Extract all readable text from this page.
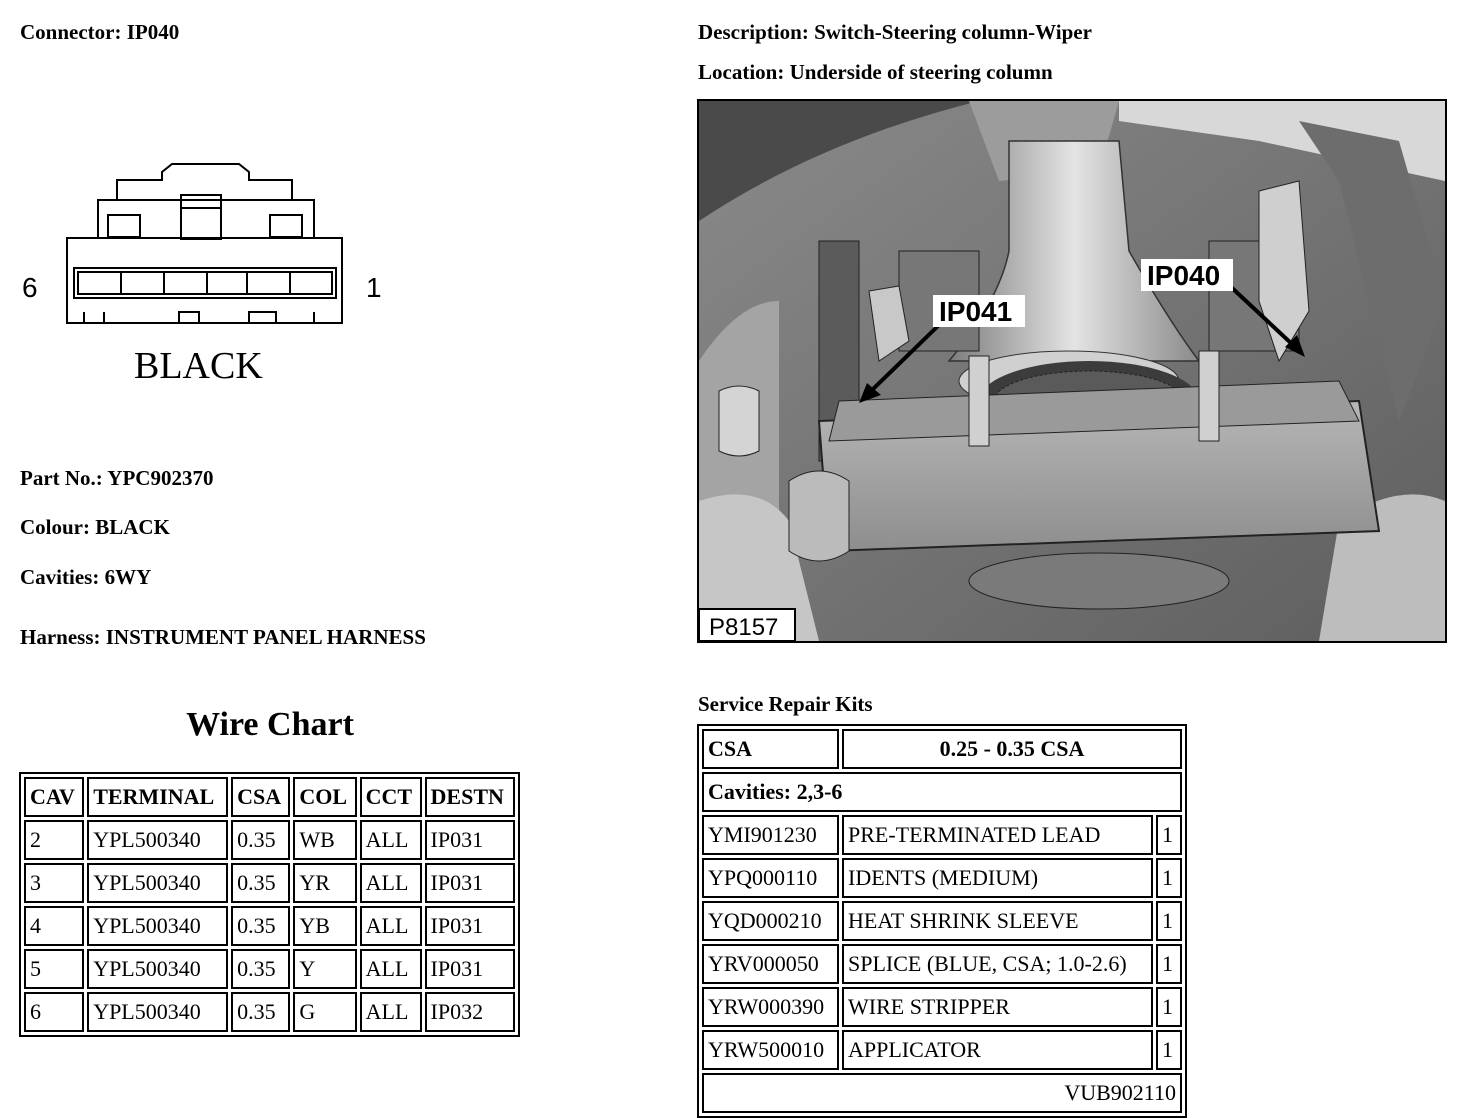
Connector: IP040	Description: Switch-Steering column-Wiper
Location: Underside of steering column
6	1
BLACK
IP041
IP040
P8157
Part No.: YPC902370
Colour: BLACK
Cavities: 6WY
Harness: INSTRUMENT PANEL HARNESS
Wire Chart
CAV	TERMINAL	CSA	COL	CCT	DESTN
2	YPL500340	0.35	WB	ALL	IP031
3	YPL500340	0.35	YR	ALL	IP031
4	YPL500340	0.35	YB	ALL	IP031
5	YPL500340	0.35	Y	ALL	IP031
6	YPL500340	0.35	G	ALL	IP032
Service Repair Kits
CSA	0.25 - 0.35 CSA	
Cavities: 2,3-6		
YMI901230	PRE-TERMINATED LEAD	1
YPQ000110	IDENTS (MEDIUM)	1
YQD000210	HEAT SHRINK SLEEVE	1
YRV000050	SPLICE (BLUE, CSA; 1.0-2.6)	1
YRW000390	WIRE STRIPPER	1
YRW500010	APPLICATOR	1
VUB902110		
